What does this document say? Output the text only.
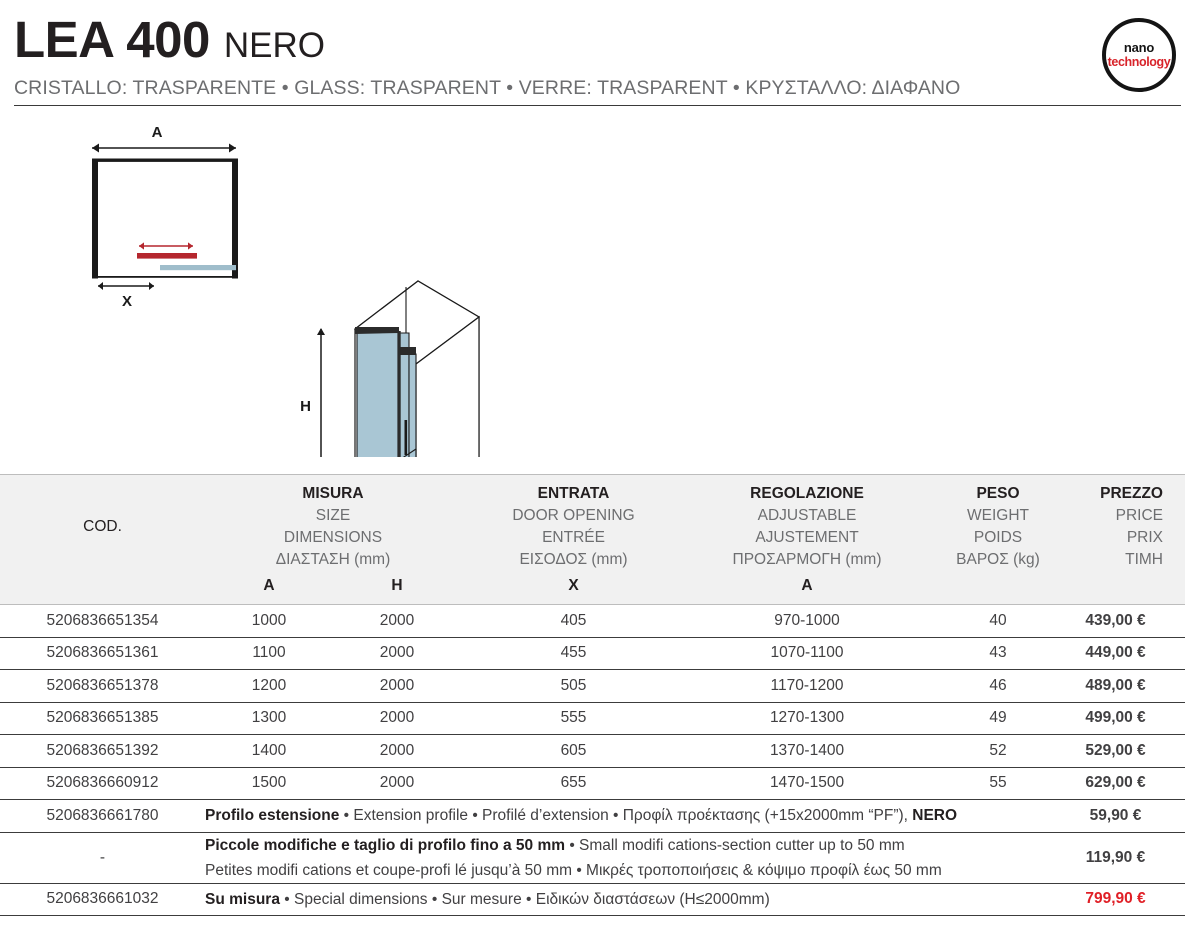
LEA 400 NERO
CRISTALLO: TRASPARENTE • GLASS: TRASPARENT • VERRE: TRASPARENT • ΚΡΥΣΤΑΛΛΟ: ΔΙΑΦΑΝΟ
nano
technology
A
X
H
COD.

MISURA
SIZE
DIMENSIONS
ΔΙΑΣΤΑΣΗ (mm)

ENTRATA
DOOR OPENING
ENTRÉE
ΕΙΣΟΔΟΣ (mm)

REGOLAZIONE
ADJUSTABLE
AJUSTEMENT
ΠΡΟΣΑΡΜΟΓΗ (mm)

PESO
WEIGHT
POIDS
ΒΑΡΟΣ (kg)

PREZZO
PRICE
PRIX
ΤΙΜΗ

	A	H	X	A		
5206836651354	1000	2000	405	970-1000	40	439,00 €
5206836651361	1100	2000	455	1070-1100	43	449,00 €
5206836651378	1200	2000	505	1170-1200	46	489,00 €
5206836651385	1300	2000	555	1270-1300	49	499,00 €
5206836651392	1400	2000	605	1370-1400	52	529,00 €
5206836660912	1500	2000	655	1470-1500	55	629,00 €
5206836661780	Profilo estensione • Extension profile • Profilé d’extension • Προφίλ προέκτασης (+15x2000mm “PF”), NERO					59,90 €
-	Piccole modifiche e taglio di profilo fino a 50 mm • Small modifi cations-section cutter up to 50 mm
Petites modifi cations et coupe-profi lé jusqu’à 50 mm • Μικρές τροποποιήσεις & κόψιμο προφίλ έως 50 mm					119,90 €
5206836661032	Su misura • Special dimensions • Sur mesure • Ειδικών διαστάσεων (H≤2000mm)					799,90 €
